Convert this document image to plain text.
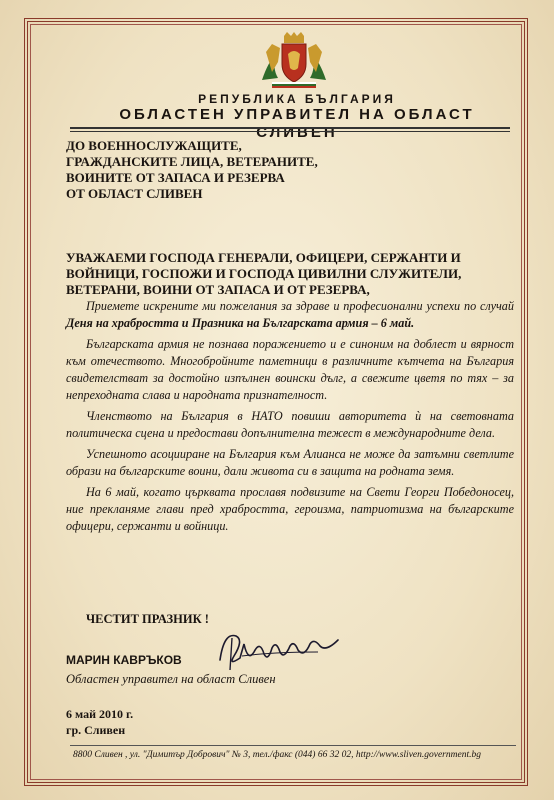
РЕПУБЛИКА БЪЛГАРИЯ
ОБЛАСТЕН УПРАВИТЕЛ НА ОБЛАСТ СЛИВЕН
ДО ВОЕННОСЛУЖАЩИТЕ,
ГРАЖДАНСКИТЕ ЛИЦА, ВЕТЕРАНИТЕ,
ВОИНИТЕ ОТ ЗАПАСА И РЕЗЕРВА
ОТ ОБЛАСТ СЛИВЕН
УВАЖАЕМИ ГОСПОДА ГЕНЕРАЛИ, ОФИЦЕРИ, СЕРЖАНТИ И
ВОЙНИЦИ, ГОСПОЖИ И ГОСПОДА ЦИВИЛНИ СЛУЖИТЕЛИ,
ВЕТЕРАНИ, ВОИНИ ОТ ЗАПАСА И ОТ РЕЗЕРВА,

Приемете искрените ми пожелания за здраве и професионални успехи по случай Деня на храбростта и Празника на Българската армия – 6 май.

Българската армия не познава поражението и е синоним на доблест и вярност към отечеството. Многобройните паметници в различните кътчета на България свидетелстват за достойно изпълнен воински дълг, а свежите цветя по тях – за непреходната слава и народната признателност.

Членството на България в НАТО повиши авторитета ѝ на световната политическа сцена и предостави допълнителна тежест в международните дела.

Успешното асоцииране на България към Алианса не може да затъмни светлите образи на българските воини, дали живота си в защита на родната земя.

На 6 май, когато църквата прославя подвизите на Свети Георги Победоносец, ние прекланяме глави пред храбростта, героизма, патриотизма на българските офицери, сержанти и войници.

ЧЕСТИТ ПРАЗНИК !
МАРИН КАВРЪКОВ
Областен управител на област Сливен
6 май 2010 г.
гр. Сливен
8800 Сливен , ул. "Димитър Добрович" № 3, тел./факс (044) 66 32 02, http://www.sliven.government.bg
